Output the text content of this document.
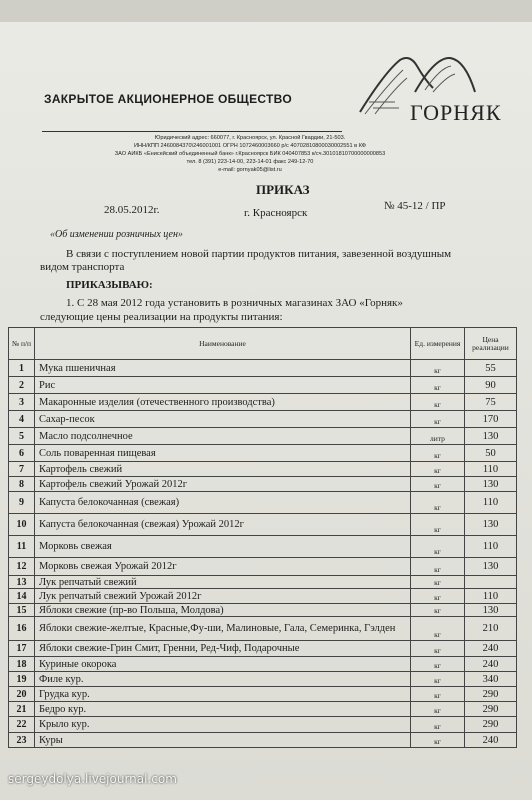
ГОРНЯК
ЗАКРЫТОЕ АКЦИОНЕРНОЕ ОБЩЕСТВО
Юридический адрес: 660077, г. Красноярск, ул. Красной Гвардии, 21-503.
ИНН/КПП 2460084370\246001001 ОГРН 1072460003660 р/с 40702810800030002551 в КФ
ЗАО АИКБ «Енисейский объединенный банк» г.Красноярск БИК 040407853 к/сч.30101810700000000853
тел. 8 (391) 223-14-00, 223-14-01 факс 249-12-70
e-mail: gornyak05@list.ru
ПРИКАЗ
28.05.2012г.	г. Красноярск
№ 45-12 / ПР
«Об изменении розничных цен»
В связи с поступлением новой партии продуктов питания, завезенной воздушным
видом транспорта
ПРИКАЗЫВАЮ:
1. С 28 мая 2012 года установить в розничных магазинах ЗАО «Горняк»
следующие цены реализации на продукты питания:
№ п/п	Наименование	Ед. измерения	Цена реализации
1	Мука пшеничная	кг	55
2	Рис	кг	90
3	Макаронные изделия (отечественного производства)	кг	75
4	Сахар-песок	кг	170
5	Масло подсолнечное	литр	130
6	Соль поваренная пищевая	кг	50
7	Картофель свежий	кг	110
8	Картофель свежий Урожай 2012г	кг	130
9	Капуста белокочанная (свежая)	кг	110
10	Капуста белокочанная (свежая) Урожай 2012г	кг	130
11	Морковь свежая	кг	110
12	Морковь свежая Урожай 2012г	кг	130
13	Лук репчатый свежий	кг	
14	Лук репчатый свежий Урожай 2012г	кг	110
15	Яблоки свежие (пр-во Польша, Молдова)	кг	130
16	Яблоки свежие-желтые, Красные,Фу-ши, Малиновые, Гала, Семеринка, Гэлден	кг	210
17	Яблоки свежие-Грин Смит, Гренни, Ред-Чиф, Подарочные	кг	240
18	Куриные окорока	кг	240
19	Филе кур.	кг	340
20	Грудка кур.	кг	290
21	Бедро кур.	кг	290
22	Крыло кур.	кг	290
23	Куры	кг	240
sergeydolya.livejournal.com
